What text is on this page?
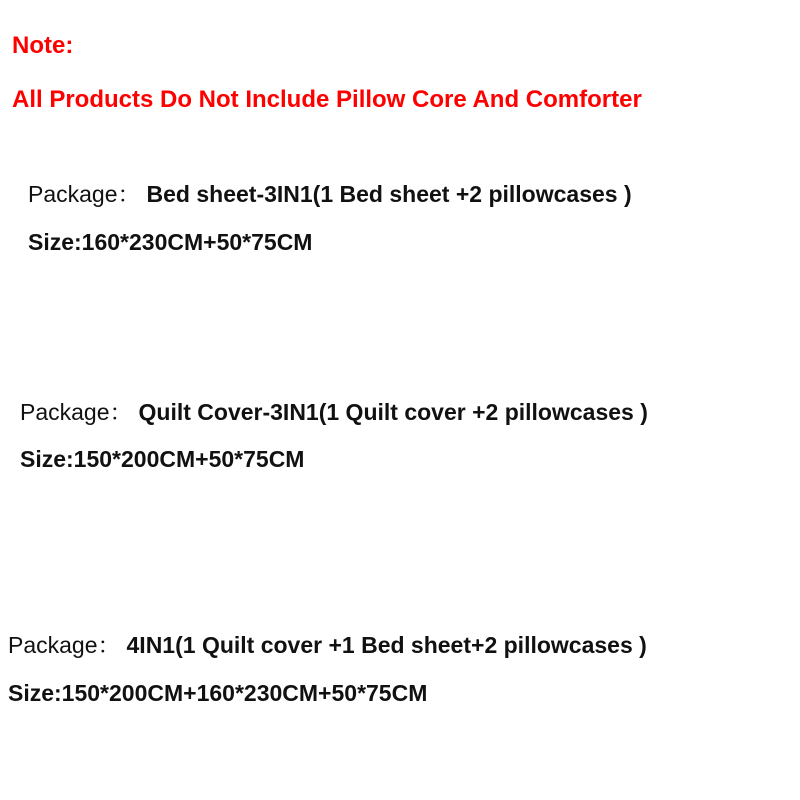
Note:
All Products Do Not Include Pillow Core And Comforter
Package： Bed sheet-3IN1(1 Bed sheet +2 pillowcases )
Size:160*230CM+50*75CM
Package： Quilt Cover-3IN1(1 Quilt cover +2 pillowcases )
Size:150*200CM+50*75CM
Package： 4IN1(1 Quilt cover +1 Bed sheet+2 pillowcases )
Size:150*200CM+160*230CM+50*75CM
